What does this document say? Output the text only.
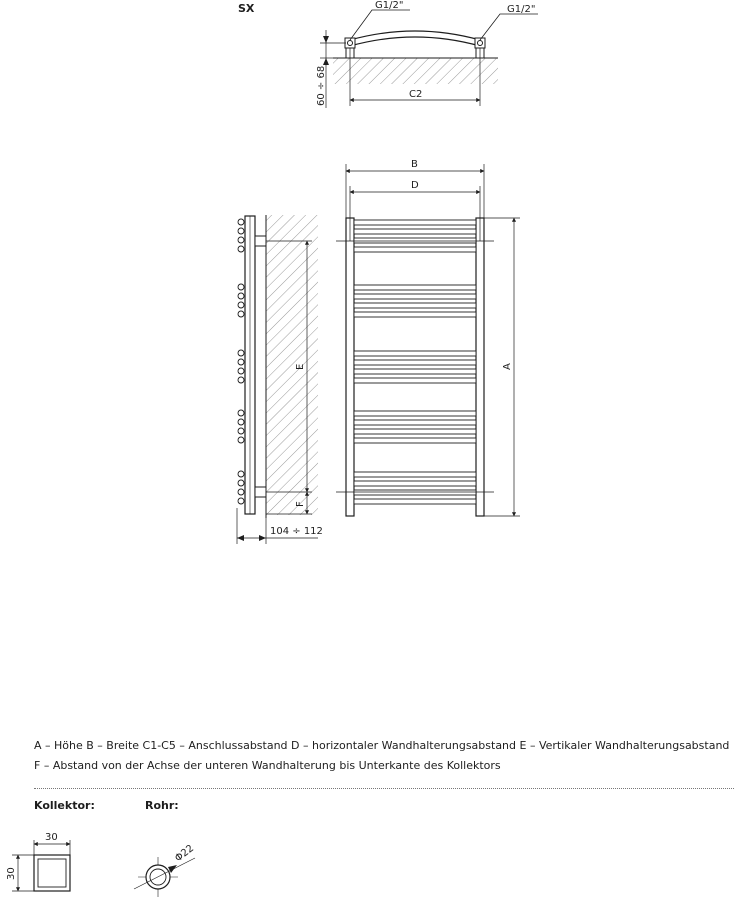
SX	G1/2"	G1/2"
60 ÷ 68	C2
E
F
104 ÷ 112
B
D
A
30
30
Φ22
A – Höhe B – Breite C1-C5 – Anschlussabstand D – horizontaler Wandhalterungsabstand E – Vertikaler Wandhalterungsabstand
F – Abstand von der Achse der unteren Wandhalterung bis Unterkante des Kollektors
Kollektor:	Rohr:
